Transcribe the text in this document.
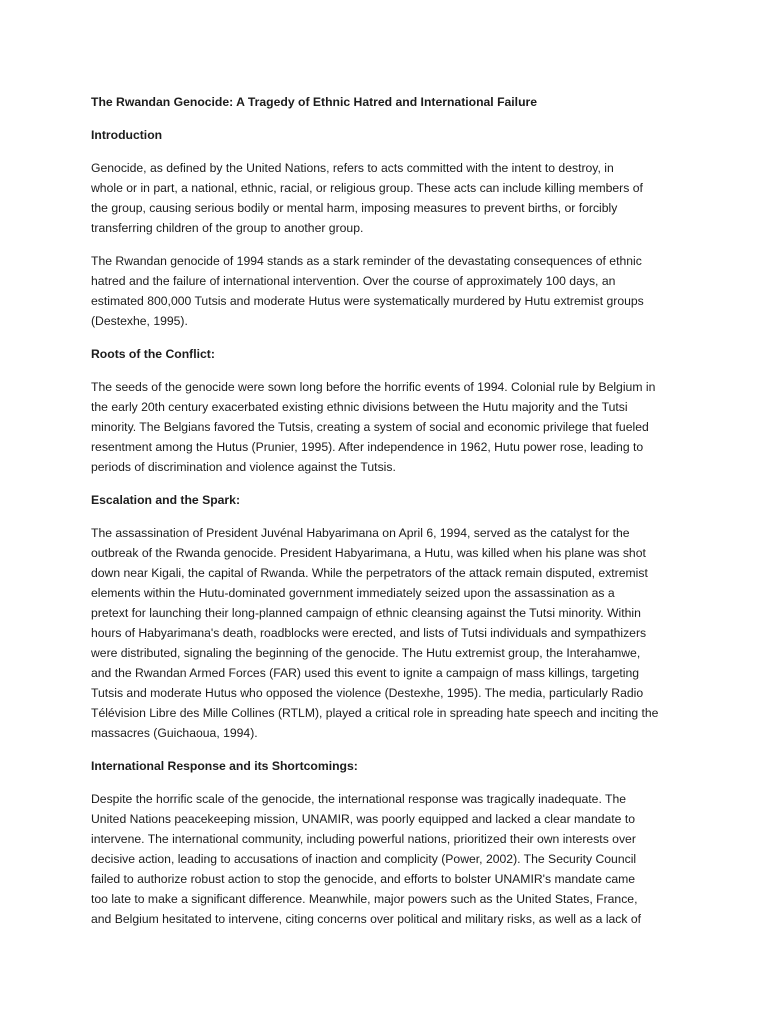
The Rwandan Genocide: A Tragedy of Ethnic Hatred and International Failure
Introduction
Genocide, as defined by the United Nations, refers to acts committed with the intent to destroy, in
whole or in part, a national, ethnic, racial, or religious group. These acts can include killing members of
the group, causing serious bodily or mental harm, imposing measures to prevent births, or forcibly
transferring children of the group to another group.
The Rwandan genocide of 1994 stands as a stark reminder of the devastating consequences of ethnic
hatred and the failure of international intervention. Over the course of approximately 100 days, an
estimated 800,000 Tutsis and moderate Hutus were systematically murdered by Hutu extremist groups
(Destexhe, 1995).
Roots of the Conflict:
The seeds of the genocide were sown long before the horrific events of 1994. Colonial rule by Belgium in
the early 20th century exacerbated existing ethnic divisions between the Hutu majority and the Tutsi
minority. The Belgians favored the Tutsis, creating a system of social and economic privilege that fueled
resentment among the Hutus (Prunier, 1995). After independence in 1962, Hutu power rose, leading to
periods of discrimination and violence against the Tutsis.
Escalation and the Spark:
The assassination of President Juvénal Habyarimana on April 6, 1994, served as the catalyst for the
outbreak of the Rwanda genocide. President Habyarimana, a Hutu, was killed when his plane was shot
down near Kigali, the capital of Rwanda. While the perpetrators of the attack remain disputed, extremist
elements within the Hutu-dominated government immediately seized upon the assassination as a
pretext for launching their long-planned campaign of ethnic cleansing against the Tutsi minority. Within
hours of Habyarimana's death, roadblocks were erected, and lists of Tutsi individuals and sympathizers
were distributed, signaling the beginning of the genocide. The Hutu extremist group, the Interahamwe,
and the Rwandan Armed Forces (FAR) used this event to ignite a campaign of mass killings, targeting
Tutsis and moderate Hutus who opposed the violence (Destexhe, 1995). The media, particularly Radio
Télévision Libre des Mille Collines (RTLM), played a critical role in spreading hate speech and inciting the
massacres (Guichaoua, 1994).
International Response and its Shortcomings:
Despite the horrific scale of the genocide, the international response was tragically inadequate. The
United Nations peacekeeping mission, UNAMIR, was poorly equipped and lacked a clear mandate to
intervene. The international community, including powerful nations, prioritized their own interests over
decisive action, leading to accusations of inaction and complicity (Power, 2002). The Security Council
failed to authorize robust action to stop the genocide, and efforts to bolster UNAMIR's mandate came
too late to make a significant difference. Meanwhile, major powers such as the United States, France,
and Belgium hesitated to intervene, citing concerns over political and military risks, as well as a lack of
